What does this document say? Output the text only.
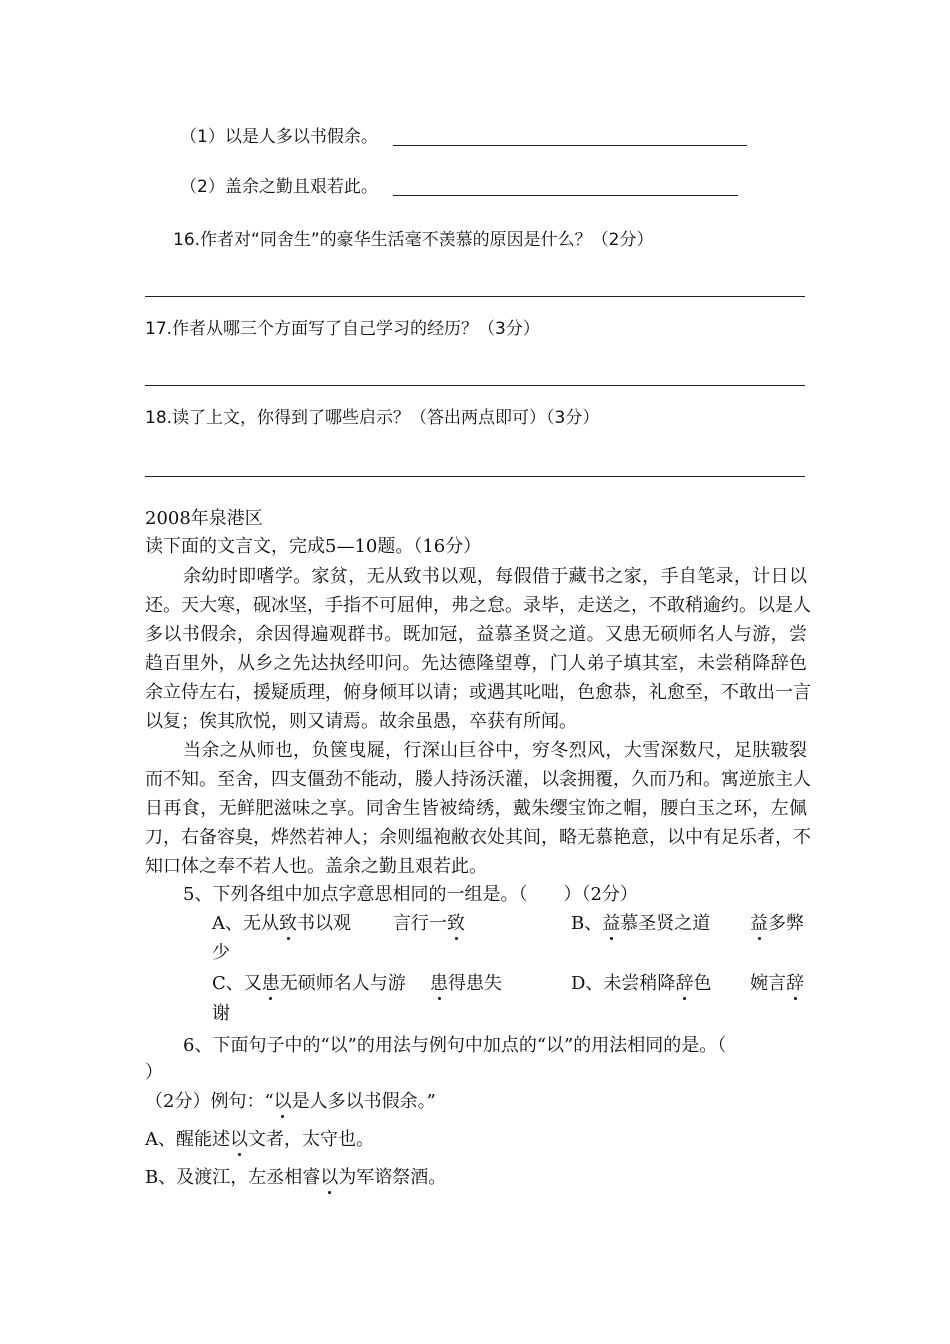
（1）以是人多以书假余。
（2）盖余之勤且艰若此。
16.作者对“同舍生”的豪华生活毫不羡慕的原因是什么？（2分）
17.作者从哪三个方面写了自己学习的经历？（3分）
18.读了上文，你得到了哪些启示？（答出两点即可）（3分）
2008年泉港区
读下面的文言文，完成5—10题。（16分）
余幼时即嗜学。家贫，无从致书以观，每假借于藏书之家，手自笔录，计日以
还。天大寒，砚冰坚，手指不可屈伸，弗之怠。录毕，走送之，不敢稍逾约。以是人
多以书假余，余因得遍观群书。既加冠，益慕圣贤之道。又患无硕师名人与游，尝
趋百里外，从乡之先达执经叩问。先达德隆望尊，门人弟子填其室，未尝稍降辞色
余立侍左右，援疑质理，俯身倾耳以请；或遇其叱咄，色愈恭，礼愈至，不敢出一言
以复；俟其欣悦，则又请焉。故余虽愚，卒获有所闻。
当余之从师也，负箧曳屣，行深山巨谷中，穷冬烈风，大雪深数尺，足肤皲裂
而不知。至舍，四支僵劲不能动，媵人持汤沃灌，以衾拥覆，久而乃和。寓逆旅主人
日再食，无鲜肥滋味之享。同舍生皆被绮绣，戴朱缨宝饰之帽，腰白玉之环，左佩
刀，右备容臭，烨然若神人；余则缊袍敝衣处其间，略无慕艳意，以中有足乐者，不
知口体之奉不若人也。盖余之勤且艰若此。
5、下列各组中加点字意思相同的一组是。（　　）（2分）
A、无从致书以观 言行一致	B、益慕圣贤之道 益多弊
少
C、又患无硕师名人与游 患得患失	D、未尝稍降辞色 婉言辞
谢
6、下面句子中的“以”的用法与例句中加点的“以”的用法相同的是。（
）
（2分）例句：“以是人多以书假余。”
A、醒能述以文者，太守也。
B、及渡江，左丞相睿以为军谘祭酒。
